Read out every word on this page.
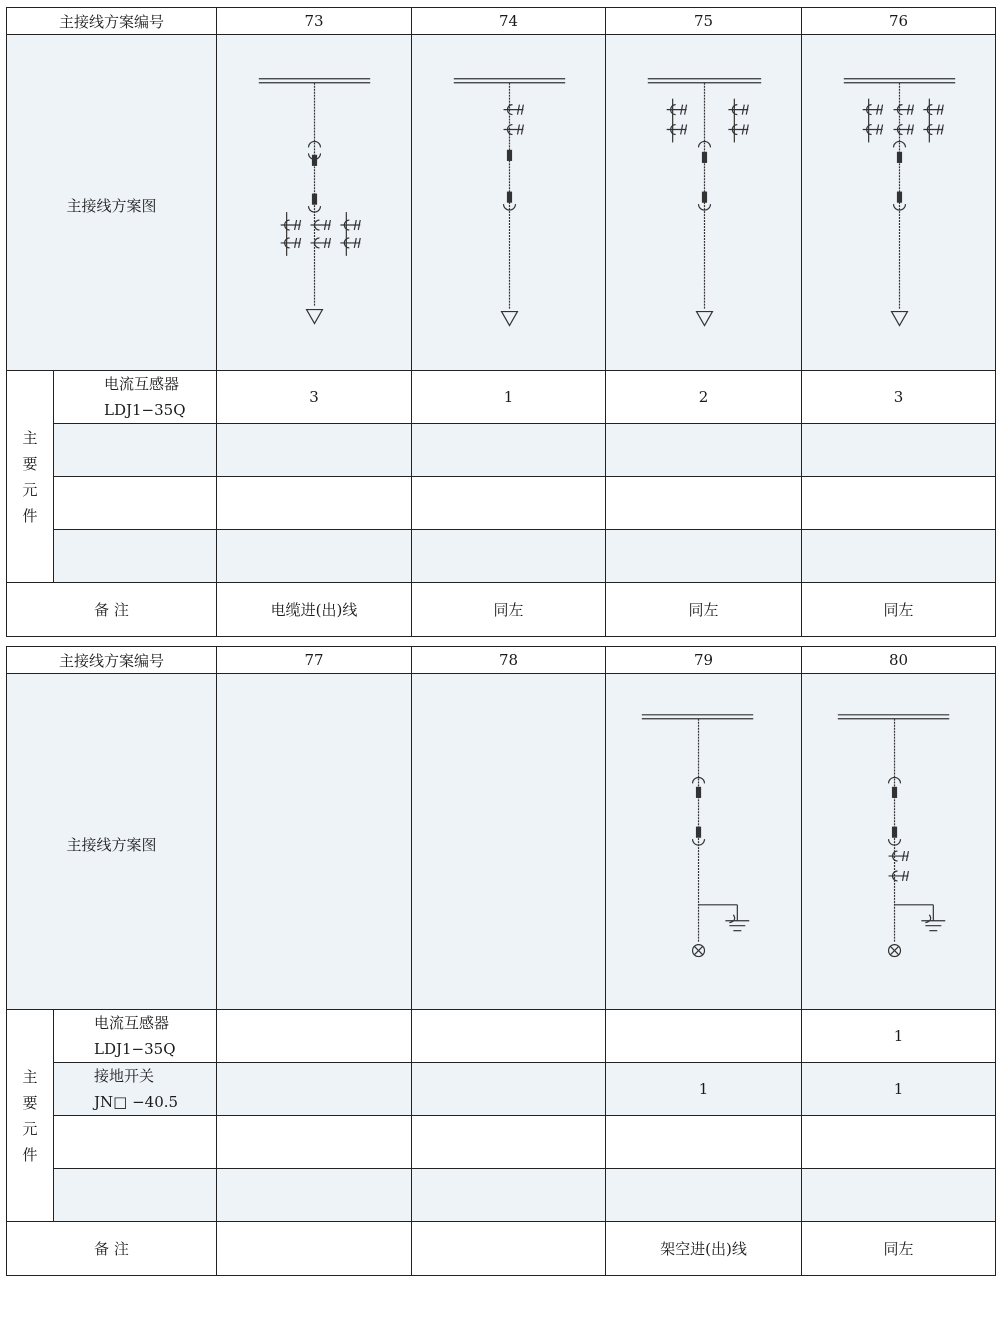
主接线方案编号		73	74	75	76
主接线方案图	

主
要
元
件	电流互感器
LDJ1−35Q	3	1	2	3

备 注		电缆进(出)线	同左	同左	同左
主接线方案编号		77	78	79	80
主接线方案图			

主
要
元
件	电流互感器
LDJ1−35Q				1

	接地开关
JN□ −40.5			1	1

备 注				架空进(出)线	同左
